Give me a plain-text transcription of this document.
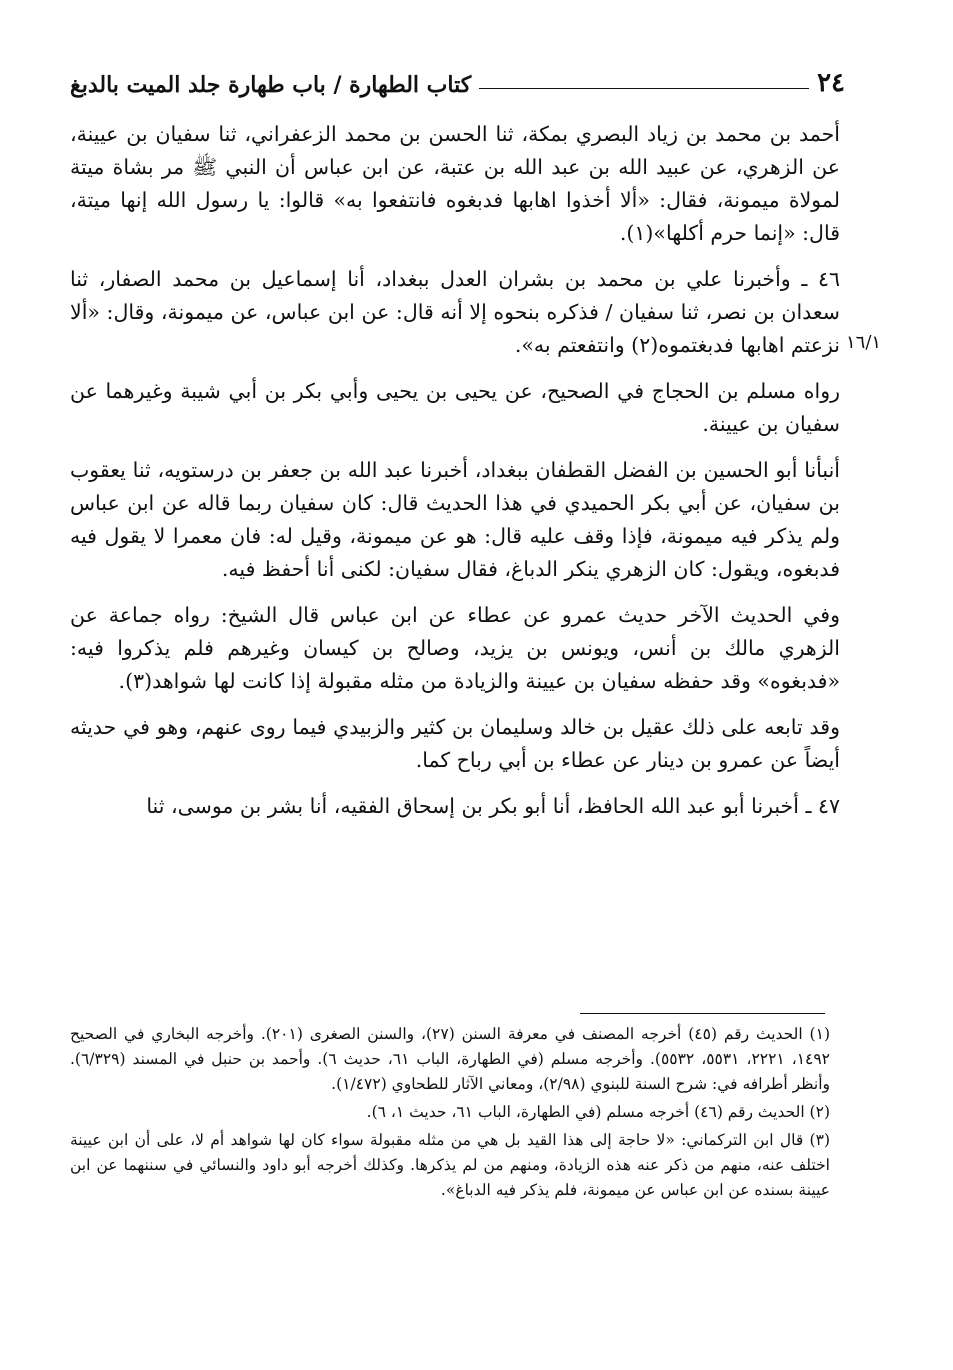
٢٤
كتاب الطهارة / باب طهارة جلد الميت بالدبغ
١٦/١

أحمد بن محمد بن زياد البصري بمكة، ثنا الحسن بن محمد الزعفراني، ثنا سفيان بن عيينة، عن الزهري، عن عبيد الله بن عبد الله بن عتبة، عن ابن عباس أن النبي ﷺ مر بشاة ميتة لمولاة ميمونة، فقال: «ألا أخذوا اهابها فدبغوه فانتفعوا به» قالوا: يا رسول الله إنها ميتة، قال: «إنما حرم أكلها»(١).

٤٦ ـ وأخبرنا علي بن محمد بن بشران العدل ببغداد، أنا إسماعيل بن محمد الصفار، ثنا سعدان بن نصر، ثنا سفيان / فذكره بنحوه إلا أنه قال: عن ابن عباس، عن ميمونة، وقال: «ألا نزعتم اهابها فدبغتموه(٢) وانتفعتم به».

رواه مسلم بن الحجاج في الصحيح، عن يحيى بن يحيى وأبي بكر بن أبي شيبة وغيرهما عن سفيان بن عيينة.

أنبأنا أبو الحسين بن الفضل القطفان ببغداد، أخبرنا عبد الله بن جعفر بن درستويه، ثنا يعقوب بن سفيان، عن أبي بكر الحميدي في هذا الحديث قال: كان سفيان ربما قاله عن ابن عباس ولم يذكر فيه ميمونة، فإذا وقف عليه قال: هو عن ميمونة، وقيل له: فان معمرا لا يقول فيه فدبغوه، ويقول: كان الزهري ينكر الدباغ، فقال سفيان: لكنى أنا أحفظ فيه.

وفي الحديث الآخر حديث عمرو عن عطاء عن ابن عباس قال الشيخ: رواه جماعة عن الزهري مالك بن أنس، ويونس بن يزيد، وصالح بن كيسان وغيرهم فلم يذكروا فيه: «فدبغوه» وقد حفظه سفيان بن عيينة والزيادة من مثله مقبولة إذا كانت لها شواهد(٣).

وقد تابعه على ذلك عقيل بن خالد وسليمان بن كثير والزبيدي فيما روى عنهم، وهو في حديثه أيضاً عن عمرو بن دينار عن عطاء بن أبي رباح كما.

٤٧ ـ أخبرنا أبو عبد الله الحافظ، أنا أبو بكر بن إسحاق الفقيه، أنا بشر بن موسى، ثنا

(١) الحديث رقم (٤٥) أخرجه المصنف في معرفة السنن (٢٧)، والسنن الصغرى (٢٠١). وأخرجه البخاري في الصحيح ١٤٩٢، ٢٢٢١، ٥٥٣١، ٥٥٣٢). وأخرجه مسلم (في الطهارة، الباب ٦١، حديث ٦). وأحمد بن حنبل في المسند (٦/٣٢٩). وأنظر أطرافه في: شرح السنة للبنوي (٢/٩٨)، ومعاني الآثار للطحاوي (١/٤٧٢).

(٢) الحديث رقم (٤٦) أخرجه مسلم (في الطهارة، الباب ٦١، حديث ١، ٦).

(٣) قال ابن التركماني: «لا حاجة إلى هذا القيد بل هي من مثله مقبولة سواء كان لها شواهد أم لا، على أن ابن عيينة اختلف عنه، منهم من ذكر عنه هذه الزيادة، ومنهم من لم يذكرها. وكذلك أخرجه أبو داود والنسائي في سننهما عن ابن عيينة بسنده عن ابن عباس عن ميمونة، فلم يذكر فيه الدباغ».
